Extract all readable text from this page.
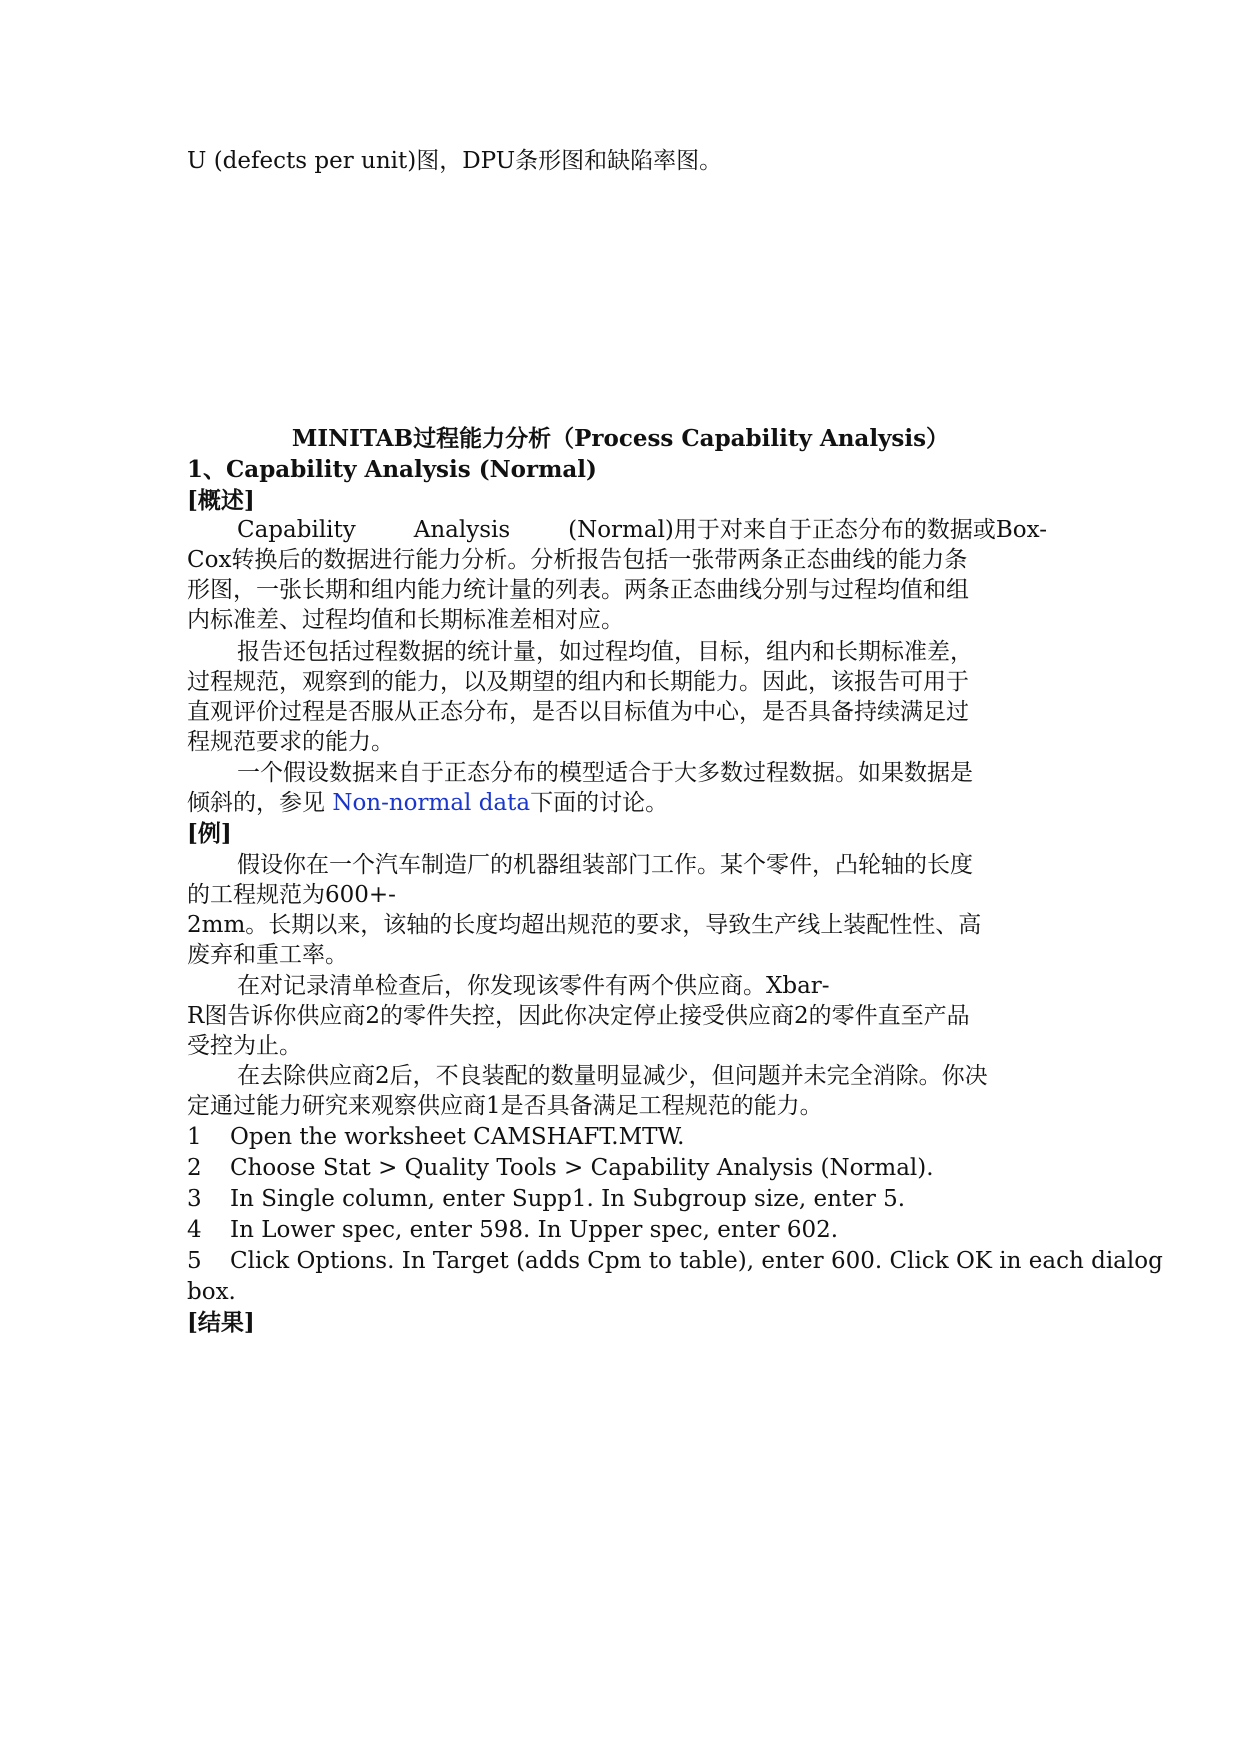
U (defects per unit)图，DPU条形图和缺陷率图。
MINITAB过程能力分析（Process Capability Analysis）
1、Capability Analysis (Normal)
[概述]
Capability	Analysis	(Normal)用于对来自于正态分布的数据或Box-
Cox转换后的数据进行能力分析。分析报告包括一张带两条正态曲线的能力条
形图，一张长期和组内能力统计量的列表。两条正态曲线分别与过程均值和组
内标准差、过程均值和长期标准差相对应。
报告还包括过程数据的统计量，如过程均值，目标，组内和长期标准差，
过程规范，观察到的能力，以及期望的组内和长期能力。因此，该报告可用于
直观评价过程是否服从正态分布，是否以目标值为中心，是否具备持续满足过
程规范要求的能力。
一个假设数据来自于正态分布的模型适合于大多数过程数据。如果数据是
倾斜的，参见 Non-normal data下面的讨论。
[例]
假设你在一个汽车制造厂的机器组装部门工作。某个零件，凸轮轴的长度
的工程规范为600+-
2mm。长期以来，该轴的长度均超出规范的要求，导致生产线上装配性性、高
废弃和重工率。
在对记录清单检查后，你发现该零件有两个供应商。Xbar-
R图告诉你供应商2的零件失控，因此你决定停止接受供应商2的零件直至产品
受控为止。
在去除供应商2后，不良装配的数量明显减少，但问题并未完全消除。你决
定通过能力研究来观察供应商1是否具备满足工程规范的能力。
1 Open the worksheet CAMSHAFT.MTW.
2 Choose Stat > Quality Tools > Capability Analysis (Normal).
3 In Single column, enter Supp1. In Subgroup size, enter 5.
4 In Lower spec, enter 598. In Upper spec, enter 602.
5 Click Options. In Target (adds Cpm to table), enter 600. Click OK in each dialog
box.
[结果]
